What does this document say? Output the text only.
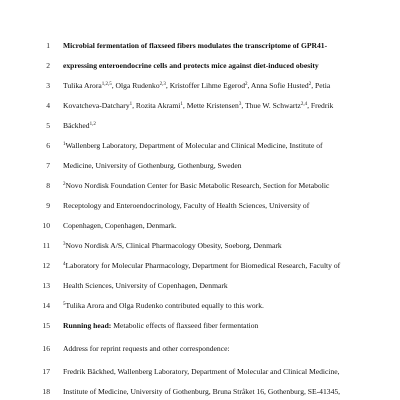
1 Microbial fermentation of flaxseed fibers modulates the transcriptome of GPR41-
2 expressing enteroendocrine cells and protects mice against diet-induced obesity
3 Tulika Arora$^{1,2,5}$, Olga Rudenko$^{2,3}$, Kristoffer Lihme Egerod$^2$, Anna Sofie Husted$^2$, Petia
4 Kovatcheva-Datchary$^1$, Rozita Akrami$^1$, Mette Kristensen$^3$, Thue W. Schwartz$^{2,4}$, Fredrik
5 Bäckhed$^{1,2}$
6	$^1$Wallenberg Laboratory, Department of Molecular and Clinical Medicine, Institute of
7 Medicine, University of Gothenburg, Gothenburg, Sweden
8	$^2$Novo Nordisk Foundation Center for Basic Metabolic Research, Section for Metabolic
9 Receptology and Enteroendocrinology, Faculty of Health Sciences, University of
10 Copenhagen, Copenhagen, Denmark.
11	$^3$Novo Nordisk A/S, Clinical Pharmacology Obesity, Soeborg, Denmark
12	$^4$Laboratory for Molecular Pharmacology, Department for Biomedical Research, Faculty of
13 Health Sciences, University of Copenhagen, Denmark
14	$^5$Tulika Arora and Olga Rudenko contributed equally to this work.
15 Running head: Metabolic effects of flaxseed fiber fermentation
16 Address for reprint requests and other correspondence:
17 Fredrik Bäckhed, Wallenberg Laboratory, Department of Molecular and Clinical Medicine,
18 Institute of Medicine, University of Gothenburg, Bruna Stråket 16, Gothenburg, SE-41345,
